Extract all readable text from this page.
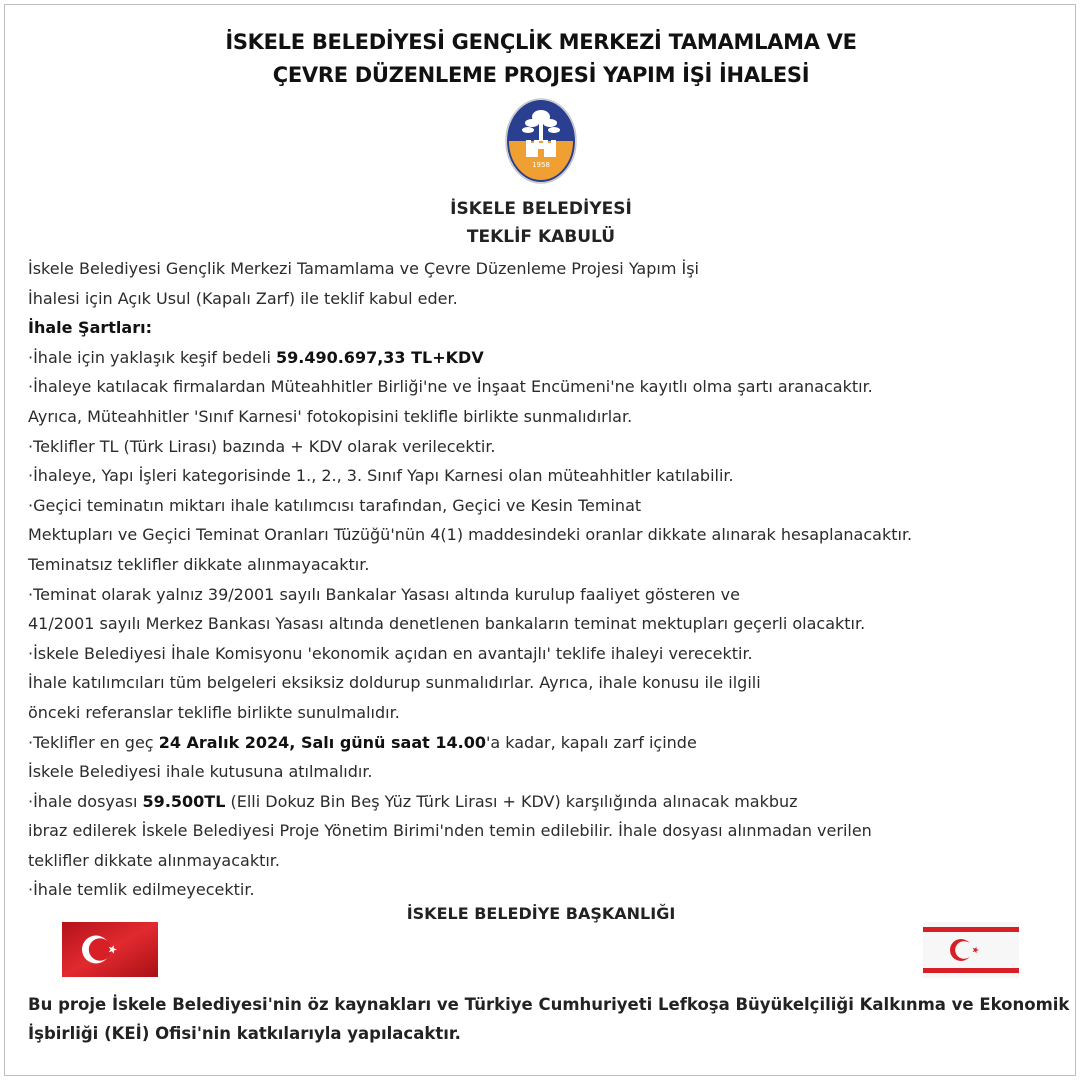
İSKELE BELEDİYESİ GENÇLİK MERKEZİ TAMAMLAMA VE
ÇEVRE DÜZENLEME PROJESİ YAPIM İŞİ İHALESİ
1958
İSKELE BELEDİYESİ
TEKLİF KABULÜ
İskele Belediyesi Gençlik Merkezi Tamamlama ve Çevre Düzenleme Projesi Yapım İşi
İhalesi için Açık Usul (Kapalı Zarf) ile teklif kabul eder.
İhale Şartları:
·İhale için yaklaşık keşif bedeli 59.490.697,33 TL+KDV
·İhaleye katılacak firmalardan Müteahhitler Birliği'ne ve İnşaat Encümeni'ne kayıtlı olma şartı aranacaktır.
Ayrıca, Müteahhitler 'Sınıf Karnesi' fotokopisini teklifle birlikte sunmalıdırlar.
·Teklifler TL (Türk Lirası) bazında + KDV olarak verilecektir.
·İhaleye, Yapı İşleri kategorisinde 1., 2., 3. Sınıf Yapı Karnesi olan müteahhitler katılabilir.
·Geçici teminatın miktarı ihale katılımcısı tarafından, Geçici ve Kesin Teminat
Mektupları ve Geçici Teminat Oranları Tüzüğü'nün 4(1) maddesindeki oranlar dikkate alınarak hesaplanacaktır.
Teminatsız teklifler dikkate alınmayacaktır.
·Teminat olarak yalnız 39/2001 sayılı Bankalar Yasası altında kurulup faaliyet gösteren ve
41/2001 sayılı Merkez Bankası Yasası altında denetlenen bankaların teminat mektupları geçerli olacaktır.
·İskele Belediyesi İhale Komisyonu 'ekonomik açıdan en avantajlı' teklife ihaleyi verecektir.
İhale katılımcıları tüm belgeleri eksiksiz doldurup sunmalıdırlar. Ayrıca, ihale konusu ile ilgili
önceki referanslar teklifle birlikte sunulmalıdır.
·Teklifler en geç 24 Aralık 2024, Salı günü saat 14.00'a kadar, kapalı zarf içinde
İskele Belediyesi ihale kutusuna atılmalıdır.
·İhale dosyası 59.500TL (Elli Dokuz Bin Beş Yüz Türk Lirası + KDV) karşılığında alınacak makbuz
ibraz edilerek İskele Belediyesi Proje Yönetim Birimi'nden temin edilebilir. İhale dosyası alınmadan verilen
teklifler dikkate alınmayacaktır.
·İhale temlik edilmeyecektir.
İSKELE BELEDİYE BAŞKANLIĞI
Bu proje İskele Belediyesi'nin öz kaynakları ve Türkiye Cumhuriyeti Lefkoşa Büyükelçiliği Kalkınma ve Ekonomik
İşbirliği (KEİ) Ofisi'nin katkılarıyla yapılacaktır.
